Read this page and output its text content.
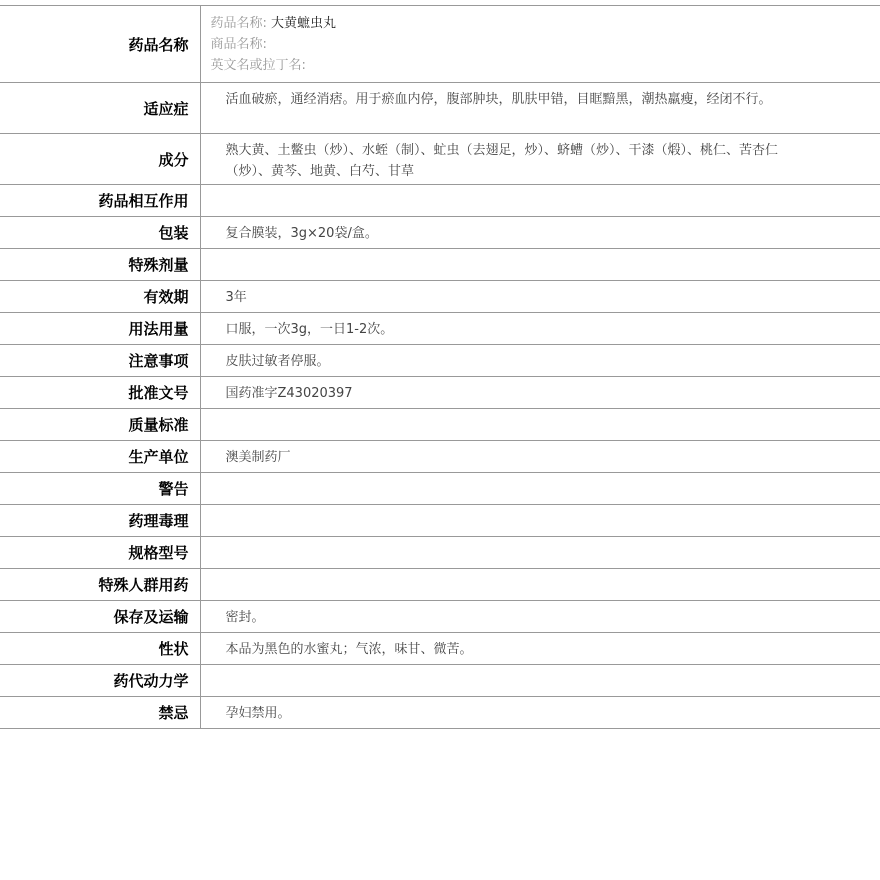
药品名称	药品名称: 大黄蟅虫丸
商品名称:
英文名或拉丁名:

适应症	活血破瘀，通经消痞。用于瘀血内停，腹部肿块，肌肤甲错，目眶黯黑，潮热羸瘦，经闭不行。
成分	熟大黄、土鳖虫（炒）、水蛭（制）、虻虫（去翅足，炒）、蛴螬（炒）、干漆（煅）、桃仁、苦杏仁（炒）、黄芩、地黄、白芍、甘草
药品相互作用	
包装	复合膜装，3g×20袋/盒。
特殊剂量	
有效期	3年
用法用量	口服，一次3g，一日1-2次。
注意事项	皮肤过敏者停服。
批准文号	国药准字Z43020397
质量标准	
生产单位	澳美制药厂
警告	
药理毒理	
规格型号	
特殊人群用药	
保存及运输	密封。
性状	本品为黑色的水蜜丸；气浓，味甘、微苦。
药代动力学	
禁忌	孕妇禁用。
